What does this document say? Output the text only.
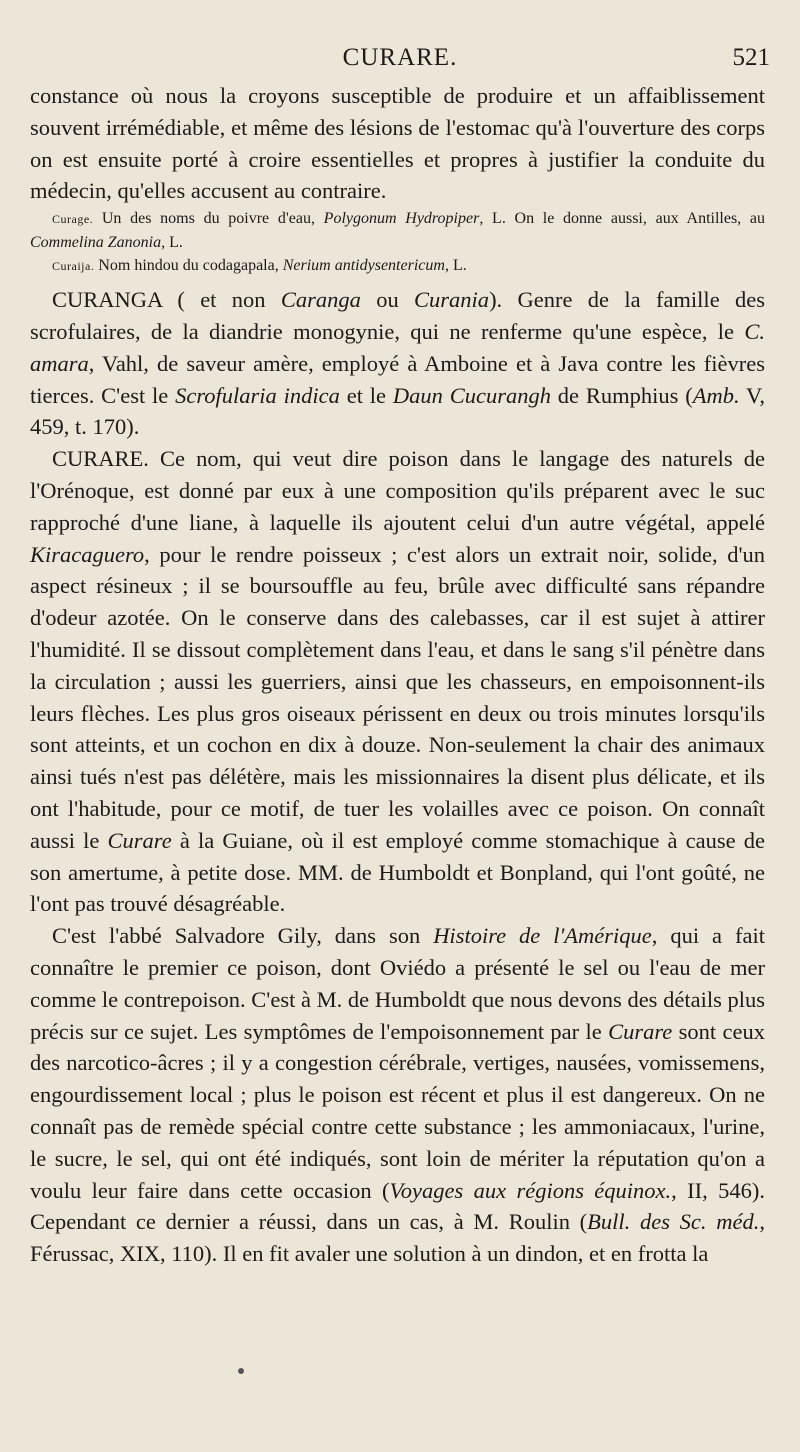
CURARE.	521

constance où nous la croyons susceptible de produire et un affaiblissement souvent irrémédiable, et même des lésions de l'estomac qu'à l'ouverture des corps on est ensuite porté à croire essentielles et propres à justifier la conduite du médecin, qu'elles accusent au contraire.

Curage. Un des noms du poivre d'eau, Polygonum Hydropiper, L. On le donne aussi, aux Antilles, au Commelina Zanonia, L.

Curaija. Nom hindou du codagapala, Nerium antidysentericum, L.

CURANGA ( et non Caranga ou Curania). Genre de la famille des scrofulaires, de la diandrie monogynie, qui ne renferme qu'une espèce, le C. amara, Vahl, de saveur amère, employé à Amboine et à Java contre les fièvres tierces. C'est le Scrofularia indica et le Daun Cucurangh de Rumphius (Amb. V, 459, t. 170).

CURARE. Ce nom, qui veut dire poison dans le langage des naturels de l'Orénoque, est donné par eux à une composition qu'ils préparent avec le suc rapproché d'une liane, à laquelle ils ajoutent celui d'un autre végétal, appelé Kiracaguero, pour le rendre poisseux ; c'est alors un extrait noir, solide, d'un aspect résineux ; il se boursouffle au feu, brûle avec difficulté sans répandre d'odeur azotée. On le conserve dans des calebasses, car il est sujet à attirer l'humidité. Il se dissout complètement dans l'eau, et dans le sang s'il pénètre dans la circulation ; aussi les guerriers, ainsi que les chasseurs, en empoisonnent-ils leurs flèches. Les plus gros oiseaux périssent en deux ou trois minutes lorsqu'ils sont atteints, et un cochon en dix à douze. Non-seulement la chair des animaux ainsi tués n'est pas délétère, mais les missionnaires la disent plus délicate, et ils ont l'habitude, pour ce motif, de tuer les volailles avec ce poison. On connaît aussi le Curare à la Guiane, où il est employé comme stomachique à cause de son amertume, à petite dose. MM. de Humboldt et Bonpland, qui l'ont goûté, ne l'ont pas trouvé désagréable.

C'est l'abbé Salvadore Gily, dans son Histoire de l'Amérique, qui a fait connaître le premier ce poison, dont Oviédo a présenté le sel ou l'eau de mer comme le contrepoison. C'est à M. de Humboldt que nous devons des détails plus précis sur ce sujet. Les symptômes de l'empoisonnement par le Curare sont ceux des narcotico-âcres ; il y a congestion cérébrale, vertiges, nausées, vomissemens, engourdissement local ; plus le poison est récent et plus il est dangereux. On ne connaît pas de remède spécial contre cette substance ; les ammoniacaux, l'urine, le sucre, le sel, qui ont été indiqués, sont loin de mériter la réputation qu'on a voulu leur faire dans cette occasion (Voyages aux régions équinox., II, 546). Cependant ce dernier a réussi, dans un cas, à M. Roulin (Bull. des Sc. méd., Férussac, XIX, 110). Il en fit avaler une solution à un dindon, et en frotta la
